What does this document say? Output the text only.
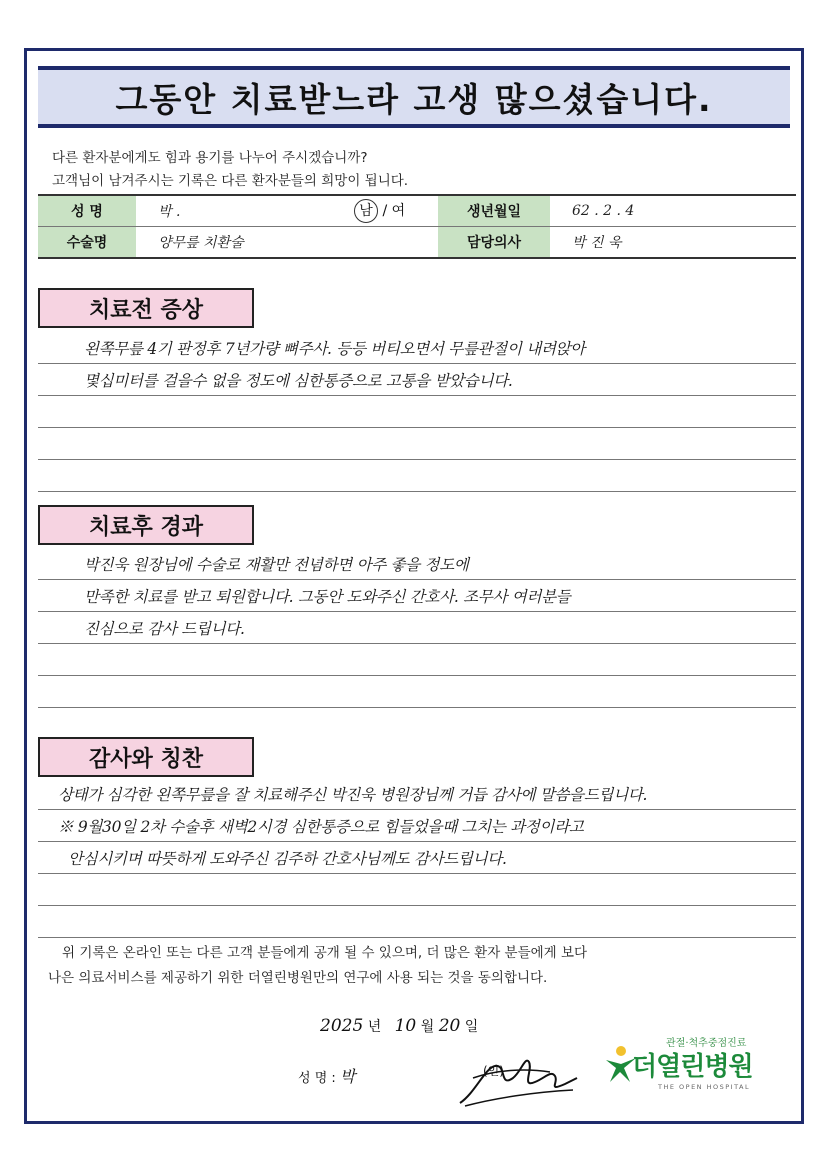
그동안 치료받느라 고생 많으셨습니다.
다른 환자분에게도 힘과 용기를 나누어 주시겠습니까?
고객님이 남겨주시는 기록은 다른 환자분들의 희망이 됩니다.
성 명	박 .	남 / 여	생년월일	62 . 2 . 4
수술명	양무릎 치환술		담당의사	박 진 욱
치료전 증상
왼쪽무릎 4기 판정후 7년가량 뼈주사. 등등 버티오면서 무릎관절이 내려앉아
몇십미터를 걸을수 없을 정도에 심한통증으로 고통을 받았습니다.
치료후 경과
박진욱 원장님에 수술로 재활만 전념하면 아주 좋을 정도에
만족한 치료를 받고 퇴원합니다. 그동안 도와주신 간호사. 조무사 여러분들
진심으로 감사 드립니다.
감사와 칭찬
상태가 심각한 왼쪽무릎을 잘 치료해주신 박진욱 병원장님께 거듭 감사에 말씀을드립니다.
※ 9월30일 2차 수술후 새벽2시경 심한통증으로 힘들었을때 그치는 과정이라고
안심시키며 따뜻하게 도와주신 김주하 간호사님께도 감사드립니다.
위 기록은 온라인 또는 다른 고객 분들에게 공개 될 수 있으며, 더 많은 환자 분들에게 보다
나은 의료서비스를 제공하기 위한 더열린병원만의 연구에 사용 되는 것을 동의합니다.
2025 년 10 월 20 일
성 명 : 박	(인)
관절·척추중점진료
더열린병원
THE OPEN HOSPITAL
